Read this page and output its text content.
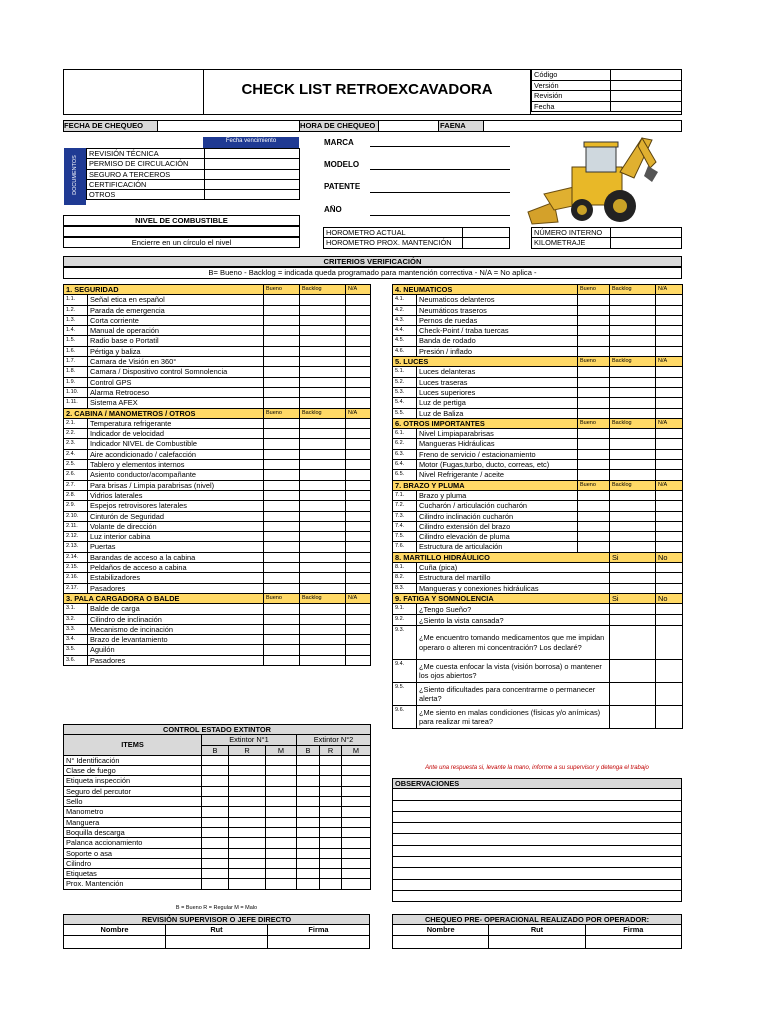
CHECK LIST RETROEXCAVADORA
Código	
Versión	
Revisión	
Fecha	
FECHA DE CHEQUEO	HORA DE CHEQUEO	FAENA
DOCUMENTOS
Fecha vencimiento
REVISIÓN TÉCNICA	
PERMISO DE CIRCULACIÓN	
SEGURO A TERCEROS	
CERTIFICACIÓN	
OTROS	
MARCA
MODELO
PATENTE
AÑO
NIVEL DE COMBUSTIBLE
Encierre en un círculo el nivel
HOROMETRO ACTUAL	
HOROMETRO PROX. MANTENCIÓN	
NÚMERO INTERNO	
KILOMETRAJE	
CRITERIOS VERIFICACIÓN
B= Bueno - Backlog = indicada queda programado para mantención correctiva - N/A = No aplica -
1. SEGURIDAD		Bueno	Backlog	N/A
1.1.	Señal etica en español			
1.2.	Parada de emergencia			
1.3.	Corta corriente			
1.4.	Manual de operación			
1.5.	Radio base o Portatil			
1.6.	Pértiga y baliza			
1.7.	Camara de Visión en 360°			
1.8.	Camara / Dispositivo control Somnolencia			
1.9.	Control GPS			
1.10.	Alarma Retroceso			
1.11.	Sistema AFEX			
2. CABINA / MANOMETROS / OTROS		Bueno	Backlog	N/A
2.1.	Temperatura refrigerante			
2.2.	Indicador de velocidad			
2.3.	Indicador NIVEL de Combustible			
2.4.	Aire acondicionado / calefacción			
2.5.	Tablero y elementos internos			
2.6.	Asiento conductor/acompañante			
2.7.	Para brisas / Limpia parabrisas (nivel)			
2.8.	Vidrios laterales			
2.9.	Espejos retrovisores laterales			
2.10.	Cinturón de Seguridad			
2.11.	Volante de dirección			
2.12.	Luz interior cabina			
2.13.	Puertas			
2.14.	Barandas de acceso a la cabina			
2.15.	Peldaños de acceso a cabina			
2.16.	Estabilizadores			
2.17.	Pasadores			
3. PALA CARGADORA O BALDE		Bueno	Backlog	N/A
3.1.	Balde de carga			
3.2.	Cilindro de inclinación			
3.3.	Mecanismo de incinación			
3.4.	Brazo de levantamiento			
3.5.	Aguilón			
3.6.	Pasadores			
4. NEUMATICOS		Bueno	Backlog	N/A
4.1.	Neumaticos delanteros			
4.2.	Neumáticos traseros			
4.3.	Pernos de ruedas			
4.4.	Check-Point / traba tuercas			
4.5.	Banda de rodado			
4.6.	Presión / inflado			
5. LUCES		Bueno	Backlog	N/A
5.1.	Luces delanteras			
5.2.	Luces traseras			
5.3.	Luces superiores			
5.4.	Luz de pertiga			
5.5.	Luz de Baliza			
6. OTROS IMPORTANTES		Bueno	Backlog	N/A
6.1.	Nivel Limpiaparabrisas			
6.2.	Mangueras Hidráulicas			
6.3.	Freno de servicio / estacionamiento			
6.4.	Motor (Fugas,turbo, ducto, correas, etc)			
6.5.	Nivel Refrigerante / aceite			
7. BRAZO Y PLUMA		Bueno	Backlog	N/A
7.1.	Brazo y pluma			
7.2.	Cucharón / articulación cucharón			
7.3.	Cilindro inclinación cucharón			
7.4.	Cilindro extensión del brazo			
7.5.	Cilindro elevación de pluma			
7.6.	Estructura de articulación			
8. MARTILLO HIDRÁULICO			Si	No
8.1.	Cuña (pica)			
8.2.	Estructura del martillo			
8.3.	Mangueras y conexiones hidráulicas			
9. FATIGA Y SOMNOLENCIA			Si	No
9.1.	¿Tengo Sueño?			
9.2.	¿Siento la vista cansada?			
9.3.	¿Me encuentro tomando medicamentos que me impidan operaro o alteren mi concentración? Los declaré?			
9.4.	¿Me cuesta enfocar la vista (visión borrosa) o mantener los ojos abiertos?			
9.5.	¿Siento dificultades para concentrarme o permanecer alerta?			
9.6.	¿Me siento en malas condiciones (físicas y/o anímicas) para realizar mi tarea?			
CONTROL ESTADO EXTINTOR						
ITEMS	Extintor N°1			Extintor N°2		
	B	R	M	B	R	M
N° Identificación						
Clase de fuego						
Etiqueta inspección						
Seguro del percutor						
Sello						
Manometro						
Manguera						
Boquilla descarga						
Palanca accionamiento						
Soporte o asa						
Cilindro						
Etiquetas						
Prox. Mantención						
B = Bueno R = Regular M = Malo
Ante una respuesta si, levante la mano, informe a su supervisor y detenga el trabajo
OBSERVACIONES

REVISIÓN SUPERVISOR O JEFE DIRECTO		
Nombre	Rut	Firma

CHEQUEO PRE- OPERACIONAL REALIZADO POR OPERADOR:		
Nombre	Rut	Firma
